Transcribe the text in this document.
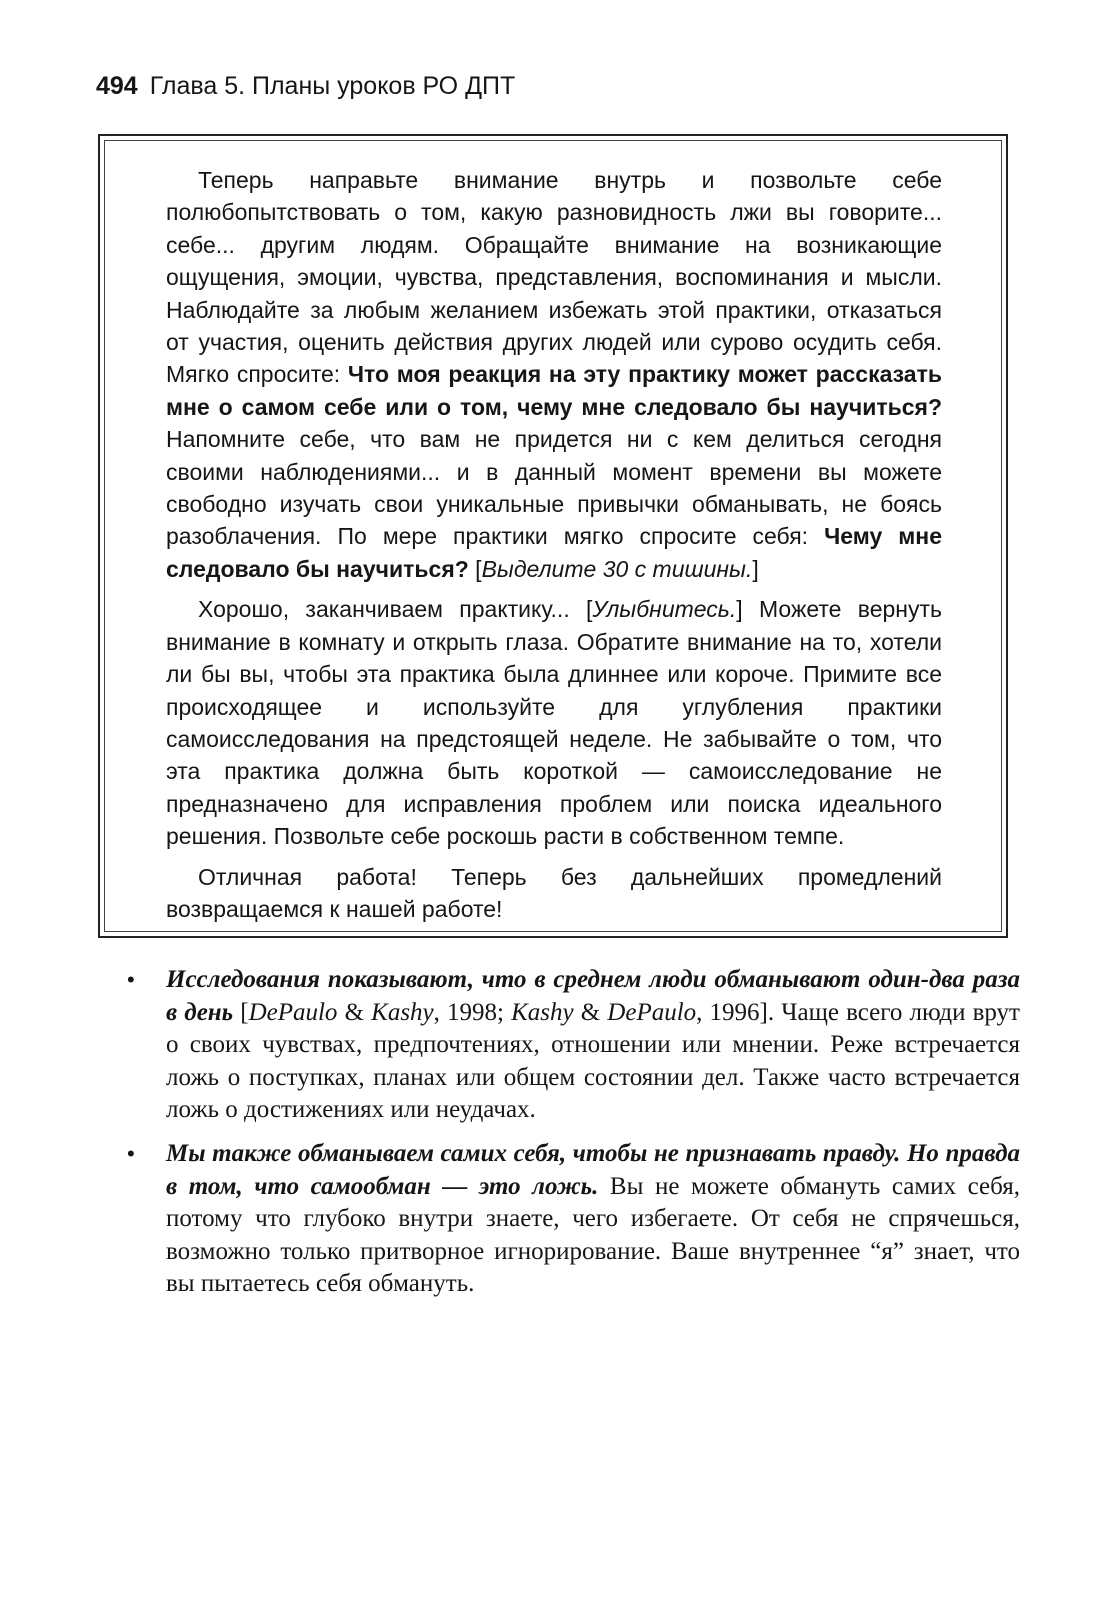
494 Глава 5. Планы уроков РО ДПТ

Теперь направьте внимание внутрь и позвольте себе полюбопытствовать о том, какую разновидность лжи вы говорите... себе... другим людям. Обращайте внимание на возникающие ощущения, эмоции, чувства, представления, воспоминания и мысли. Наблюдайте за любым желанием избежать этой практики, отказаться от участия, оценить действия других людей или сурово осудить себя. Мягко спросите: Что моя реакция на эту практику может рассказать мне о самом себе или о том, чему мне следовало бы научиться? Напомните себе, что вам не придется ни с кем делиться сегодня своими наблюдениями... и в данный момент времени вы можете свободно изучать свои уникальные привычки обманывать, не боясь разоблачения. По мере практики мягко спросите себя: Чему мне следовало бы научиться? [Выделите 30 с тишины.]

Хорошо, заканчиваем практику... [Улыбнитесь.] Можете вернуть внимание в комнату и открыть глаза. Обратите внимание на то, хотели ли бы вы, чтобы эта практика была длиннее или короче. Примите все происходящее и используйте для углубления практики самоисследования на предстоящей неделе. Не забывайте о том, что эта практика должна быть короткой — самоисследование не предназначено для исправления проблем или поиска идеального решения. Позвольте себе роскошь расти в собственном темпе.

Отличная работа! Теперь без дальнейших промедлений возвращаемся к нашей работе!

• Исследования показывают, что в среднем люди обманывают один-два раза в день [DePaulo & Kashy, 1998; Kashy & DePaulo, 1996]. Чаще всего люди врут о своих чувствах, предпочтениях, отношении или мнении. Реже встречается ложь о поступках, планах или общем состоянии дел. Также часто встречается ложь о достижениях или неудачах.
• Мы также обманываем самих себя, чтобы не признавать правду. Но правда в том, что самообман — это ложь. Вы не можете обмануть самих себя, потому что глубоко внутри знаете, чего избегаете. От себя не спрячешься, возможно только притворное игнорирование. Ваше внутреннее “я” знает, что вы пытаетесь себя обмануть.
